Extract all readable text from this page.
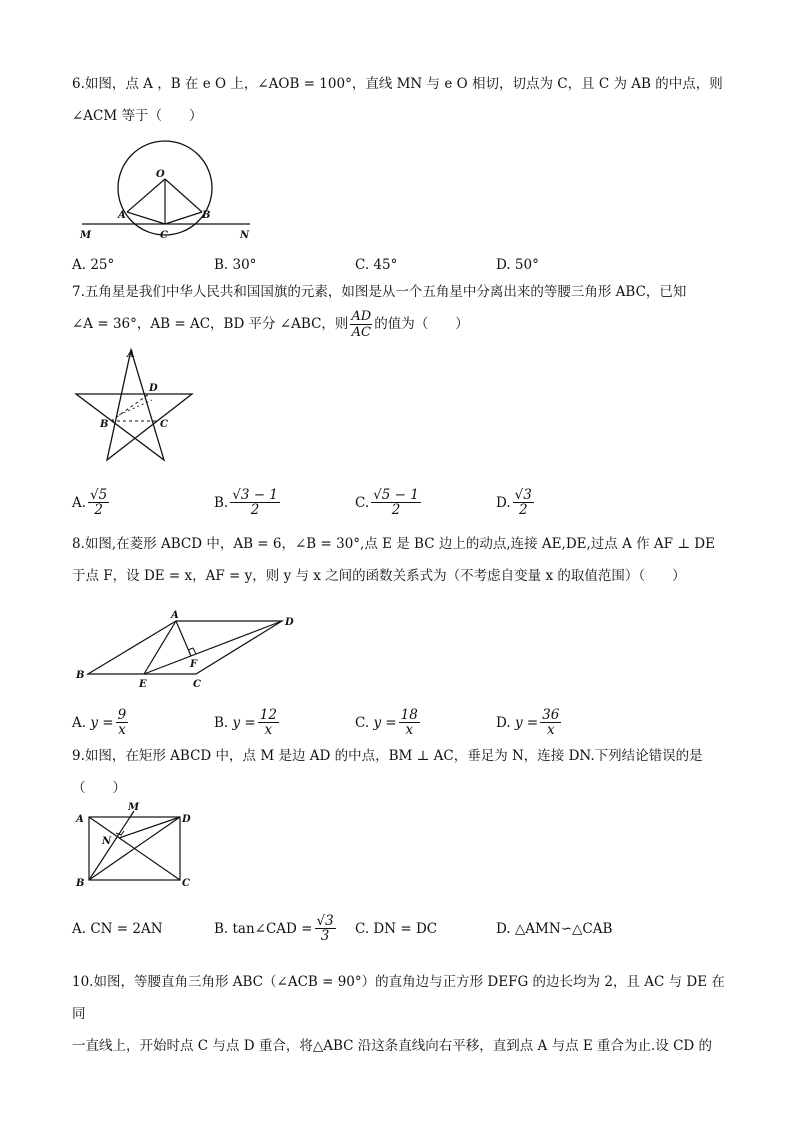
6.如图，点 A ，B 在 e O 上，∠AOB = 100°，直线 MN 与 e O 相切，切点为 C，且 C 为 AB 的中点，则

∠ACM 等于（　　）

O
A	B
M	C	N
A. 25°	B. 30°	C. 45°	D. 50°

7.五角星是我们中华人民共和国国旗的元素，如图是从一个五角星中分离出来的等腰三角形 ABC，已知

∠A = 36°，AB = AC，BD 平分 ∠ABC，则 $\frac{AD}{AC}$ 的值为（　　）

A
D
B	C
A. $\frac{√5}{2}$	B. $\frac{√3 - 1}{2}$	C. $\frac{√5 - 1}{2}$	D. $\frac{√3}{2}$

8.如图,在菱形 ABCD 中，AB = 6，∠B = 30°,点 E 是 BC 边上的动点,连接 AE,DE,过点 A 作 AF ⊥ DE

于点 F，设 DE = x，AF = y，则 y 与 x 之间的函数关系式为（不考虑自变量 x 的取值范围）（　　）

A
D
F
B
E	C
A.
$y = \frac{9}{x}$	B.
$y = \frac{12}{x}$	C.
$y = \frac{18}{x}$	D.
$y = \frac{36}{x}$

9.如图，在矩形 ABCD 中，点 M 是边 AD 的中点，BM ⊥ AC，垂足为 N，连接 DN.下列结论错误的是

（　　）

A
M
D
N
B	C
A. CN = 2AN	B. tan∠CAD = $\frac{√3}{3} C$. DN = DC	D. △AMN∽△CAB

10.如图，等腰直角三角形 ABC（∠ACB = 90°）的直角边与正方形 DEFG 的边长均为 2，且 AC 与 DE 在同

一直线上，开始时点 C 与点 D 重合，将△ABC 沿这条直线向右平移，直到点 A 与点 E 重合为止.设 CD 的
